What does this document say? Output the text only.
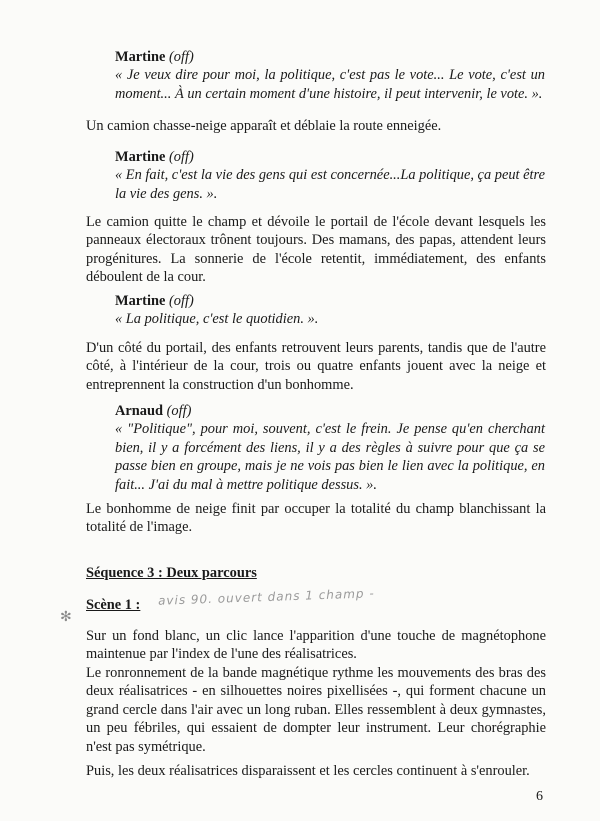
Martine (off)
« Je veux dire pour moi, la politique, c'est pas le vote... Le vote, c'est un moment... À un certain moment d'une histoire, il peut intervenir, le vote. ».
Un camion chasse-neige apparaît et déblaie la route enneigée.
Martine (off)
« En fait, c'est la vie des gens qui est concernée...La politique, ça peut être la vie des gens. ».
Le camion quitte le champ et dévoile le portail de l'école devant lesquels les
panneaux électoraux trônent toujours. Des mamans, des papas, attendent leurs
progénitures. La sonnerie de l'école retentit, immédiatement, des enfants
déboulent de la cour.
Martine (off)
« La politique, c'est le quotidien. ».
D'un côté du portail, des enfants retrouvent leurs parents, tandis que de l'autre
côté, à l'intérieur de la cour, trois ou quatre enfants jouent avec la neige et
entreprennent la construction d'un bonhomme.
Arnaud (off)
« "Politique", pour moi, souvent, c'est le frein. Je pense qu'en cherchant bien, il y a forcément des liens, il y a des règles à suivre pour que ça se passe bien en groupe, mais je ne vois pas bien le lien avec la politique, en fait... J'ai du mal à mettre politique dessus. ».
Le bonhomme de neige finit par occuper la totalité du champ blanchissant la
totalité de l'image.
Séquence 3 : Deux parcours
Scène 1 : avis 90. ouvert dans 1 champ -
✻
Sur un fond blanc, un clic lance l'apparition d'une touche de magnétophone
maintenue par l'index de l'une des réalisatrices.
Le ronronnement de la bande magnétique rythme les mouvements des bras des
deux réalisatrices - en silhouettes noires pixellisées -, qui forment chacune un
grand cercle dans l'air avec un long ruban. Elles ressemblent à deux gymnastes,
un peu fébriles, qui essaient de dompter leur instrument. Leur chorégraphie
n'est pas symétrique.
Puis, les deux réalisatrices disparaissent et les cercles continuent à s'enrouler.
6
